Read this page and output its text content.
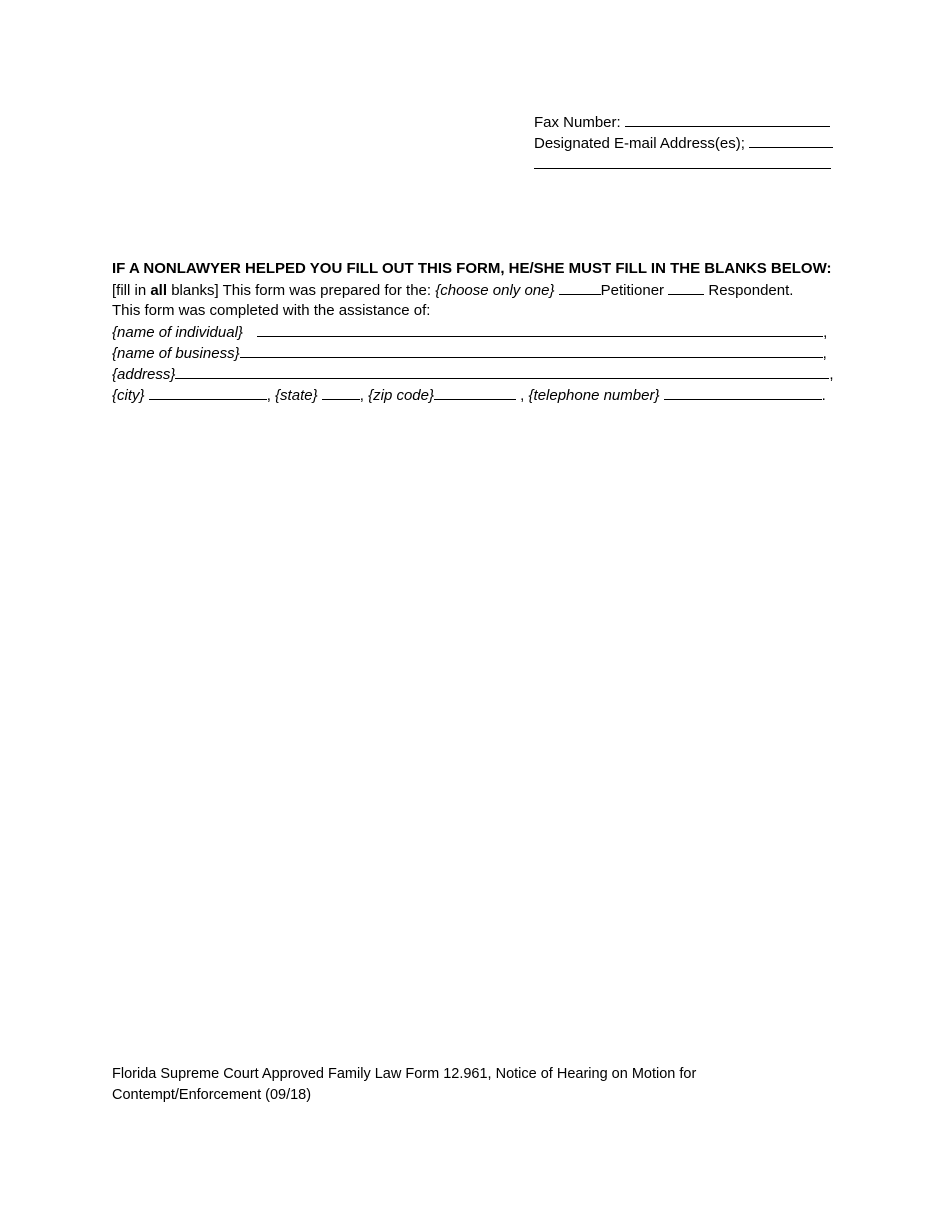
Fax Number:
Designated E-mail Address(es);
IF A NONLAWYER HELPED YOU FILL OUT THIS FORM, HE/SHE MUST FILL IN THE BLANKS BELOW:
[fill in all blanks] This form was prepared for the: {choose only one}	Petitioner	Respondent.
This form was completed with the assistance of:
{name of individual}	,
{name of business}	,
{address}	,
{city}	, {state}	, {zip code}	, {telephone number}	.
Florida Supreme Court Approved Family Law Form 12.961, Notice of Hearing on Motion for
Contempt/Enforcement (09/18)
